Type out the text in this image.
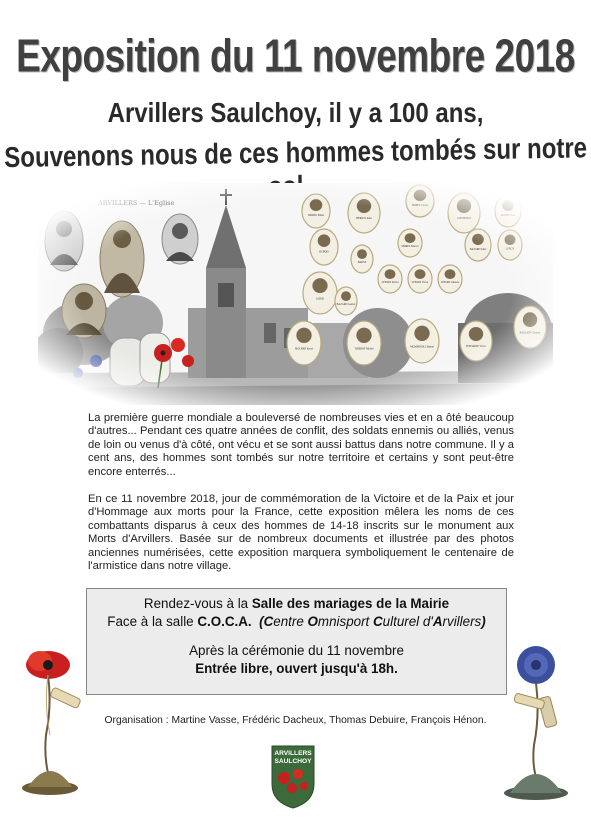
Exposition du 11 novembre 2018
Arvillers Saulchoy, il y a 100 ans,
Souvenons nous de ces hommes tombés sur notre

La première guerre mondiale a bouleversé de nombreuses vies et en a ôté beaucoup d'autres... Pendant ces quatre années de conflit, des soldats ennemis ou alliés, venus de loin ou venus d'à côté, ont vécu et se sont aussi battus dans notre commune. Il y a cent ans, des hommes sont tombés sur notre territoire et certains y sont peut-être encore enterrés...

En ce 11 novembre 2018, jour de commémoration de la Victoire et de la Paix et jour d'Hommage aux morts pour la France, cette exposition mêlera les noms de ces combattants disparus à ceux des hommes de 14-18 inscrits sur le monument aux Morts d'Arvillers. Basée sur de nombreux documents et illustrée par des photos anciennes numérisées, cette exposition marquera symboliquement le centenaire de l'armistice dans notre village.

Rendez-vous à la Salle des mariages de la Mairie
Face à la salle C.O.C.A. (Centre Omnisport Culturel d'Arvillers)
Après la cérémonie du 11 novembre
Entrée libre, ouvert jusqu'à 18h.
Organisation : Martine Vasse, Frédéric Dacheux, Thomas Debuire, François Hénon.
ARVILLERS
SAULCHOY
